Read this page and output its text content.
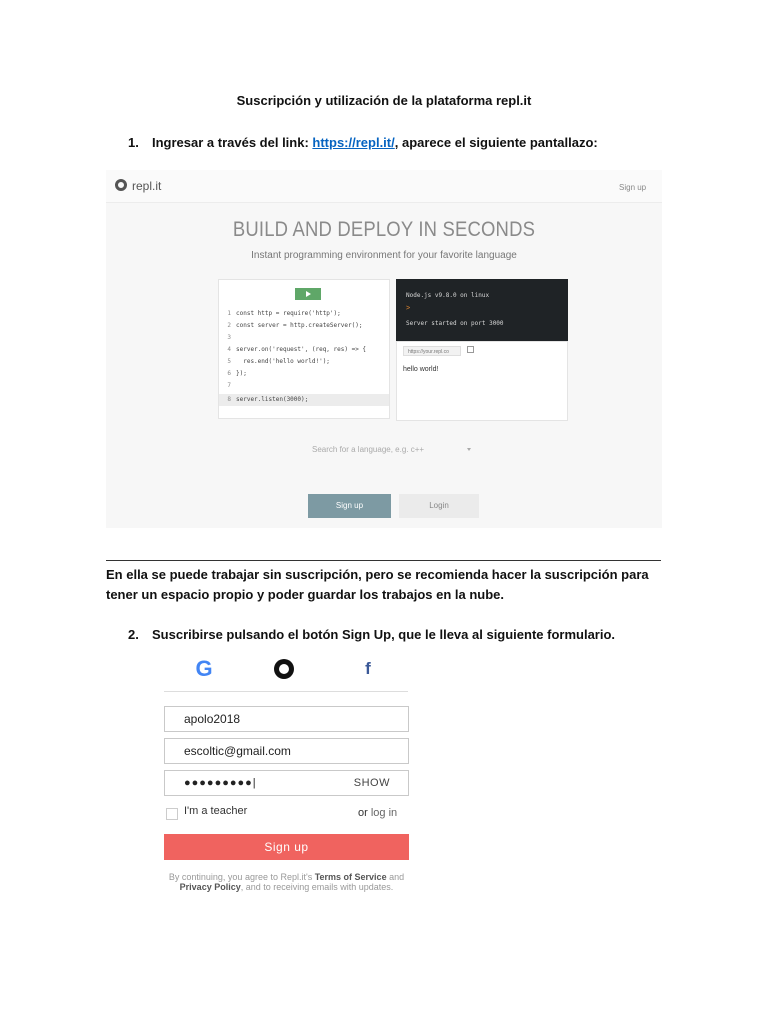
Suscripción y utilización de la plataforma repl.it
1. Ingresar a través del link: https://repl.it/, aparece el siguiente pantallazo:
repl.it	Sign up
BUILD AND DEPLOY IN SECONDS
Instant programming environment for your favorite language
1 const http = require('http');
2 const server = http.createServer();
3
4 server.on('request', (req, res) => {
5  res.end('hello world!');
6 });
7
8 server.listen(3000);
Node.js v9.8.0 on linux
>
Server started on port 3000
https://your.repl.co
hello world!
Search for a language, e.g. c++
Sign up	Login
En ella se puede trabajar sin suscripción, pero se recomienda hacer la suscripción para tener un espacio propio y poder guardar los trabajos en la nube.
2. Suscribirse pulsando el botón Sign Up, que le lleva al siguiente formulario.
G	f
apolo2018
escoltic@gmail.com
●●●●●●●●●|	SHOW
I'm a teacher	or log in
Sign up
By continuing, you agree to Repl.it's Terms of Service and Privacy Policy, and to receiving emails with updates.
